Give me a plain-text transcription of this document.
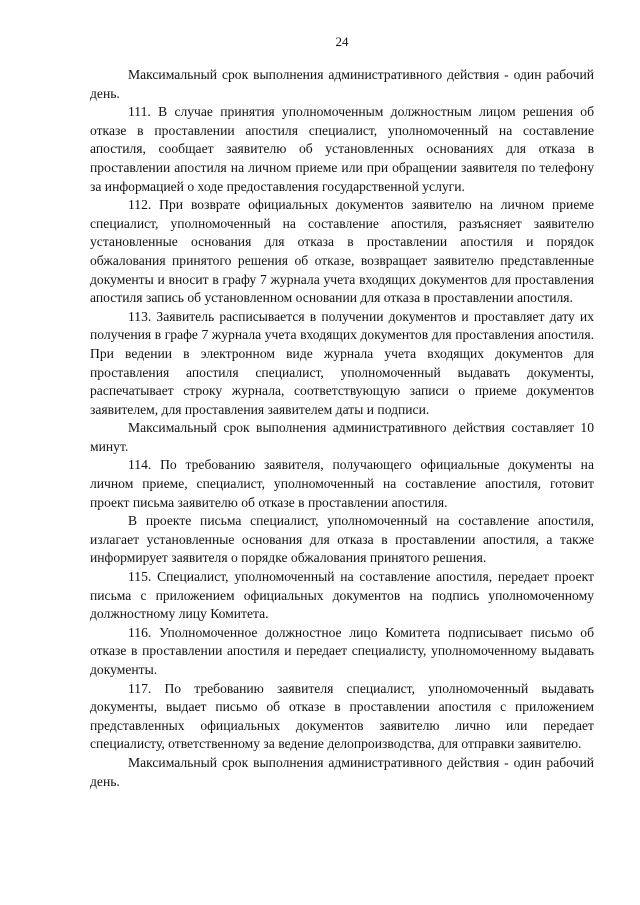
24

Максимальный срок выполнения административного действия - один рабочий день.

111. В случае принятия уполномоченным должностным лицом решения об отказе в проставлении апостиля специалист, уполномоченный на составление апостиля, сообщает заявителю об установленных основаниях для отказа в проставлении апостиля на личном приеме или при обращении заявителя по телефону за информацией о ходе предоставления государственной услуги.

112. При возврате официальных документов заявителю на личном приеме специалист, уполномоченный на составление апостиля, разъясняет заявителю установленные основания для отказа в проставлении апостиля и порядок обжалования принятого решения об отказе, возвращает заявителю представленные документы и вносит в графу 7 журнала учета входящих документов для проставления апостиля запись об установленном основании для отказа в проставлении апостиля.

113. Заявитель расписывается в получении документов и проставляет дату их получения в графе 7 журнала учета входящих документов для проставления апостиля. При ведении в электронном виде журнала учета входящих документов для проставления апостиля специалист, уполномоченный выдавать документы, распечатывает строку журнала, соответствующую записи о приеме документов заявителем, для проставления заявителем даты и подписи.

Максимальный срок выполнения административного действия составляет 10 минут.

114. По требованию заявителя, получающего официальные документы на личном приеме, специалист, уполномоченный на составление апостиля, готовит проект письма заявителю об отказе в проставлении апостиля.

В проекте письма специалист, уполномоченный на составление апостиля, излагает установленные основания для отказа в проставлении апостиля, а также информирует заявителя о порядке обжалования принятого решения.

115. Специалист, уполномоченный на составление апостиля, передает проект письма с приложением официальных документов на подпись уполномоченному должностному лицу Комитета.

116. Уполномоченное должностное лицо Комитета подписывает письмо об отказе в проставлении апостиля и передает специалисту, уполномоченному выдавать документы.

117. По требованию заявителя специалист, уполномоченный выдавать документы, выдает письмо об отказе в проставлении апостиля с приложением представленных официальных документов заявителю лично или передает специалисту, ответственному за ведение делопроизводства, для отправки заявителю.

Максимальный срок выполнения административного действия - один рабочий день.
